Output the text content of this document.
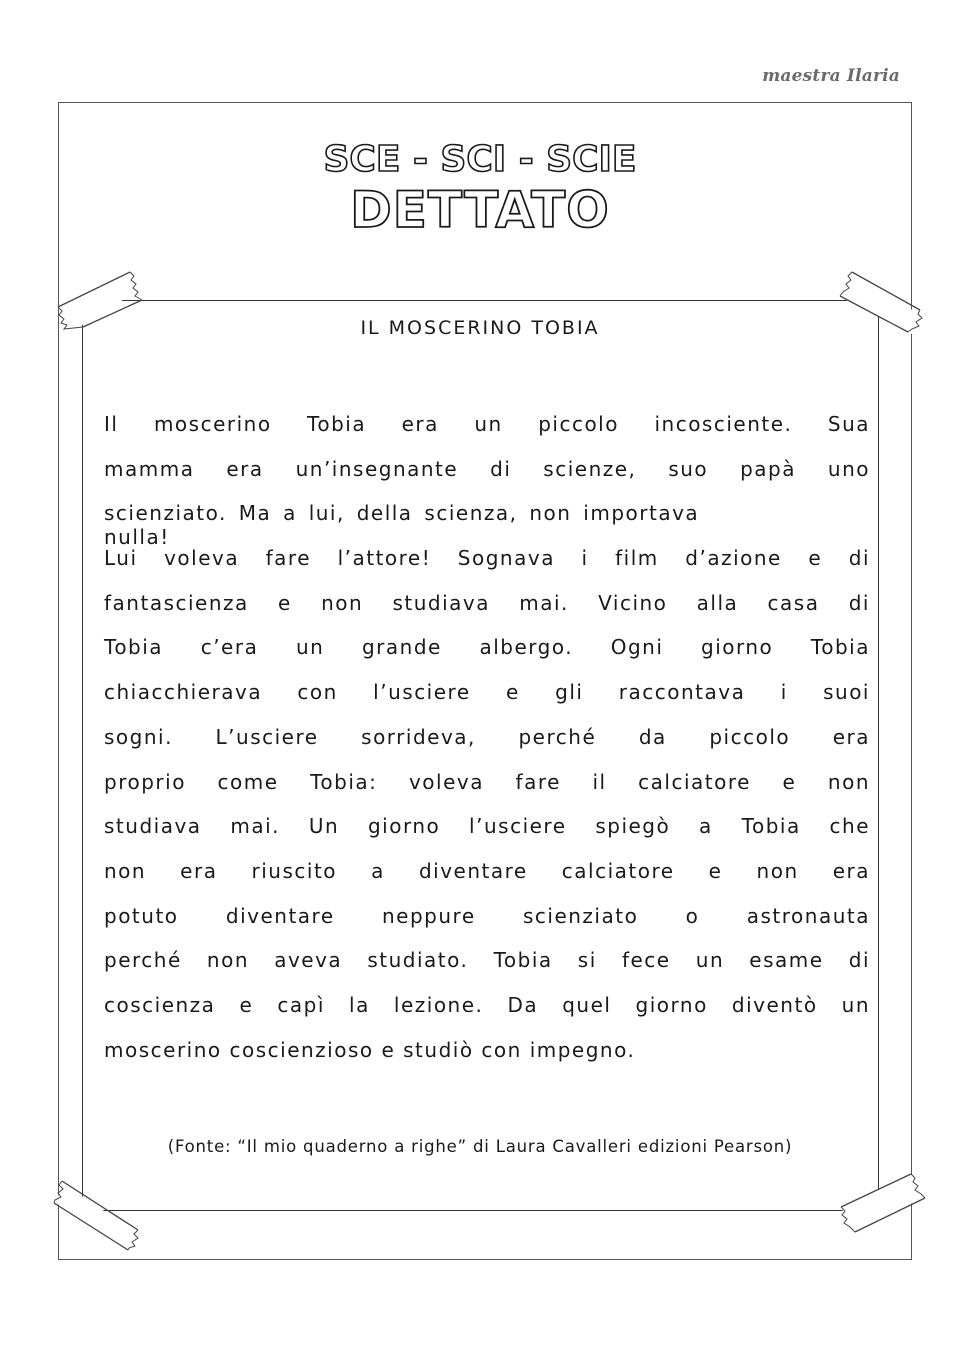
maestra Ilaria
SCE - SCI - SCIE
DETTATO
IL MOSCERINO TOBIA
Il moscerino Tobia era un piccolo incosciente. Sua
mamma era un’insegnante di scienze, suo papà uno
scienziato. Ma a lui, della scienza, non importava
Lui voleva fare l’attore! Sognava i film d’azione e di
fantascienza e non studiava mai. Vicino alla casa di
Tobia c’era un grande albergo. Ogni giorno Tobia
chiacchierava con l’usciere e gli raccontava i suoi
sogni. L’usciere sorrideva, perché da piccolo era
proprio come Tobia: voleva fare il calciatore e non
studiava mai. Un giorno l’usciere spiegò a Tobia che
non era riuscito a diventare calciatore e non era
potuto diventare neppure scienziato o astronauta
perché non aveva studiato. Tobia si fece un esame di
coscienza e capì la lezione. Da quel giorno diventò un
moscerino coscienzioso e studiò con impegno.
nulla!
(Fonte: “Il mio quaderno a righe” di Laura Cavalleri edizioni Pearson)
